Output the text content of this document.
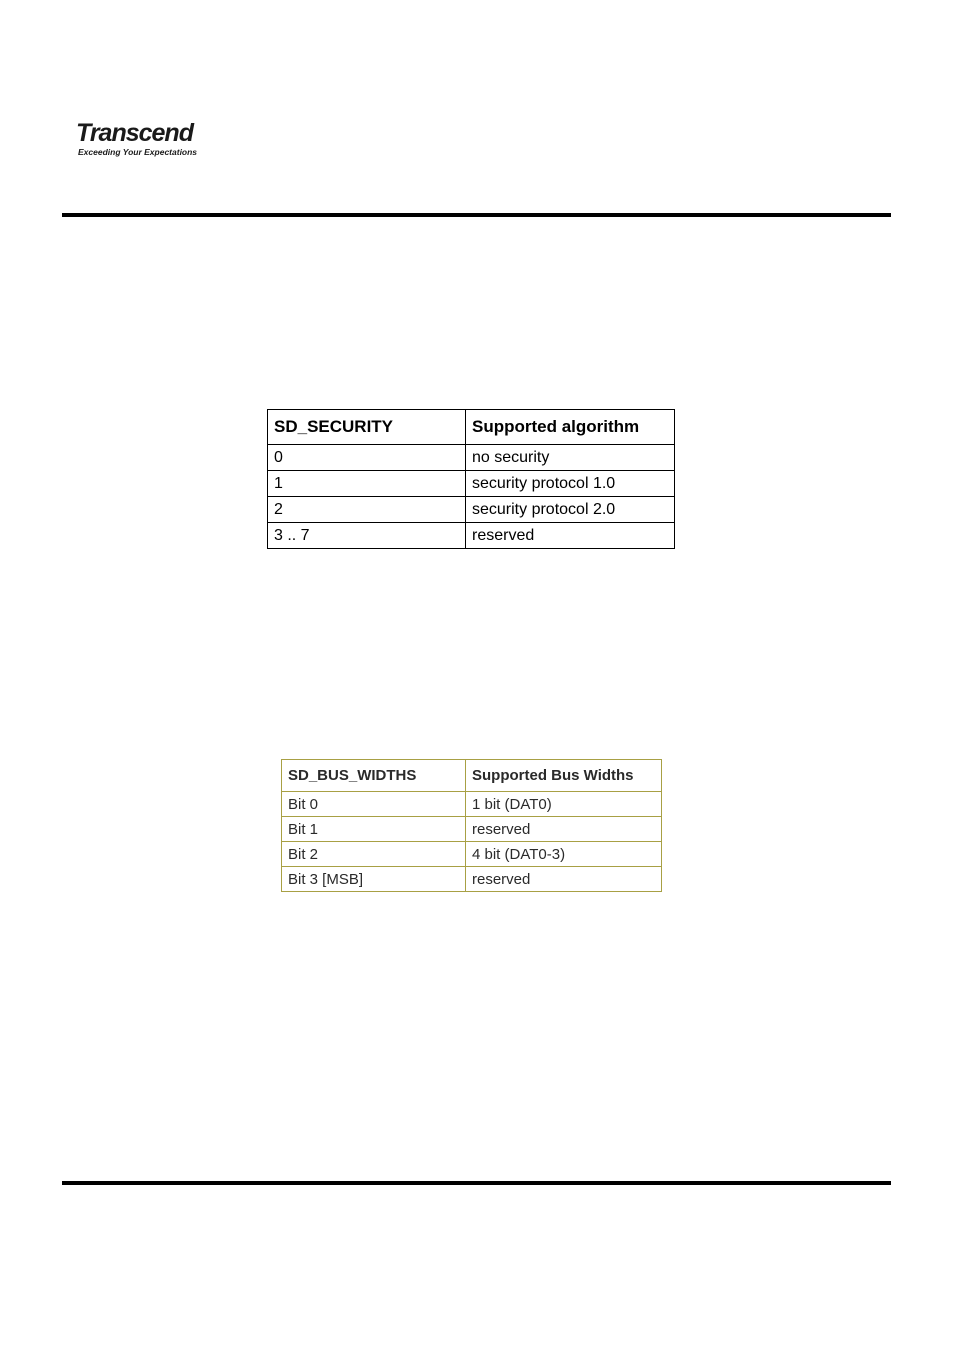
Transcend
Exceeding Your Expectations
SD_SECURITY	Supported algorithm
0	no security
1	security protocol 1.0
2	security protocol 2.0
3 .. 7	reserved
SD_BUS_WIDTHS	Supported Bus Widths
Bit 0	1 bit (DAT0)
Bit 1	reserved
Bit 2	4 bit (DAT0-3)
Bit 3 [MSB]	reserved
